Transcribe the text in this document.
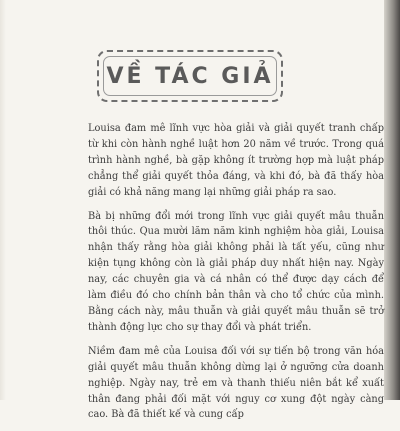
VỀ TÁC GIẢ

Louisa đam mê lĩnh vực hòa giải và giải quyết tranh chấp từ khi còn hành nghề luật hơn 20 năm về trước. Trong quá trình hành nghề, bà gặp không ít trường hợp mà luật pháp chẳng thể giải quyết thỏa đáng, và khi đó, bà đã thấy hòa giải có khả năng mang lại những giải pháp ra sao.

Bà bị những đổi mới trong lĩnh vực giải quyết mâu thuẫn thôi thúc. Qua mười lăm năm kinh nghiệm hòa giải, Louisa nhận thấy rằng hòa giải không phải là tất yếu, cũng như kiện tụng không còn là giải pháp duy nhất hiện nay. Ngày nay, các chuyên gia và cá nhân có thể được dạy cách để làm điều đó cho chính bản thân và cho tổ chức của mình. Bằng cách này, mâu thuẫn và giải quyết mâu thuẫn sẽ trở thành động lực cho sự thay đổi và phát triển.

Niềm đam mê của Louisa đối với sự tiến bộ trong văn hóa giải quyết mâu thuẫn không dừng lại ở ngưỡng cửa doanh nghiệp. Ngày nay, trẻ em và thanh thiếu niên bắt kể xuất thân đang phải đối mặt với nguy cơ xung đột ngày càng cao. Bà đã thiết kế và cung cấp
